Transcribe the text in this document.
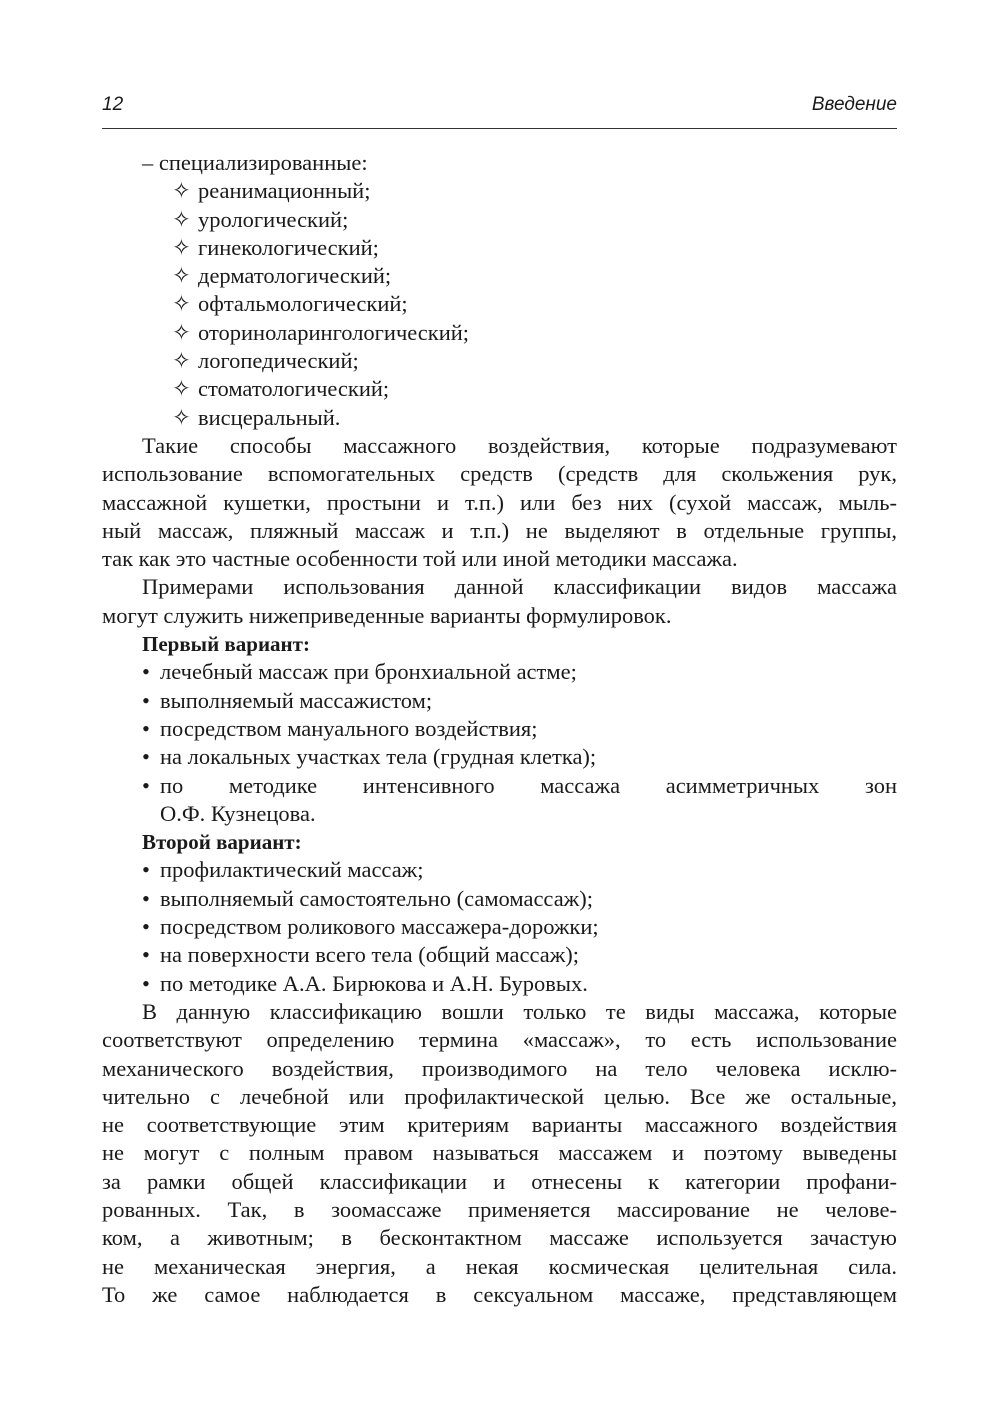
12	Введение

– специализированные:

✧ реанимационный;

✧ урологический;

✧ гинекологический;

✧ дерматологический;

✧ офтальмологический;

✧ оториноларингологический;

✧ логопедический;

✧ стоматологический;

✧ висцеральный.

Такие способы массажного воздействия, которые подразумевают

использование вспомогательных средств (средств для скольжения рук,

массажной кушетки, простыни и т.п.) или без них (сухой массаж, мыль-

ный массаж, пляжный массаж и т.п.) не выделяют в отдельные группы,

так как это частные особенности той или иной методики массажа.

Примерами использования данной классификации видов массажа

могут служить нижеприведенные варианты формулировок.

Первый вариант:

• лечебный массаж при бронхиальной астме;

• выполняемый массажистом;

• посредством мануального воздействия;

• на локальных участках тела (грудная клетка);

• по методике интенсивного массажа асимметричных зон

О.Ф. Кузнецова.

Второй вариант:

• профилактический массаж;

• выполняемый самостоятельно (самомассаж);

• посредством роликового массажера-дорожки;

• на поверхности всего тела (общий массаж);

• по методике А.А. Бирюкова и А.Н. Буровых.

В данную классификацию вошли только те виды массажа, которые

соответствуют определению термина «массаж», то есть использование

механического воздействия, производимого на тело человека исклю-

чительно с лечебной или профилактической целью. Все же остальные,

не соответствующие этим критериям варианты массажного воздействия

не могут с полным правом называться массажем и поэтому выведены

за рамки общей классификации и отнесены к категории профани-

рованных. Так, в зоомассаже применяется массирование не челове-

ком, а животным; в бесконтактном массаже используется зачастую

не механическая энергия, а некая космическая целительная сила.

То же самое наблюдается в сексуальном массаже, представляющем
